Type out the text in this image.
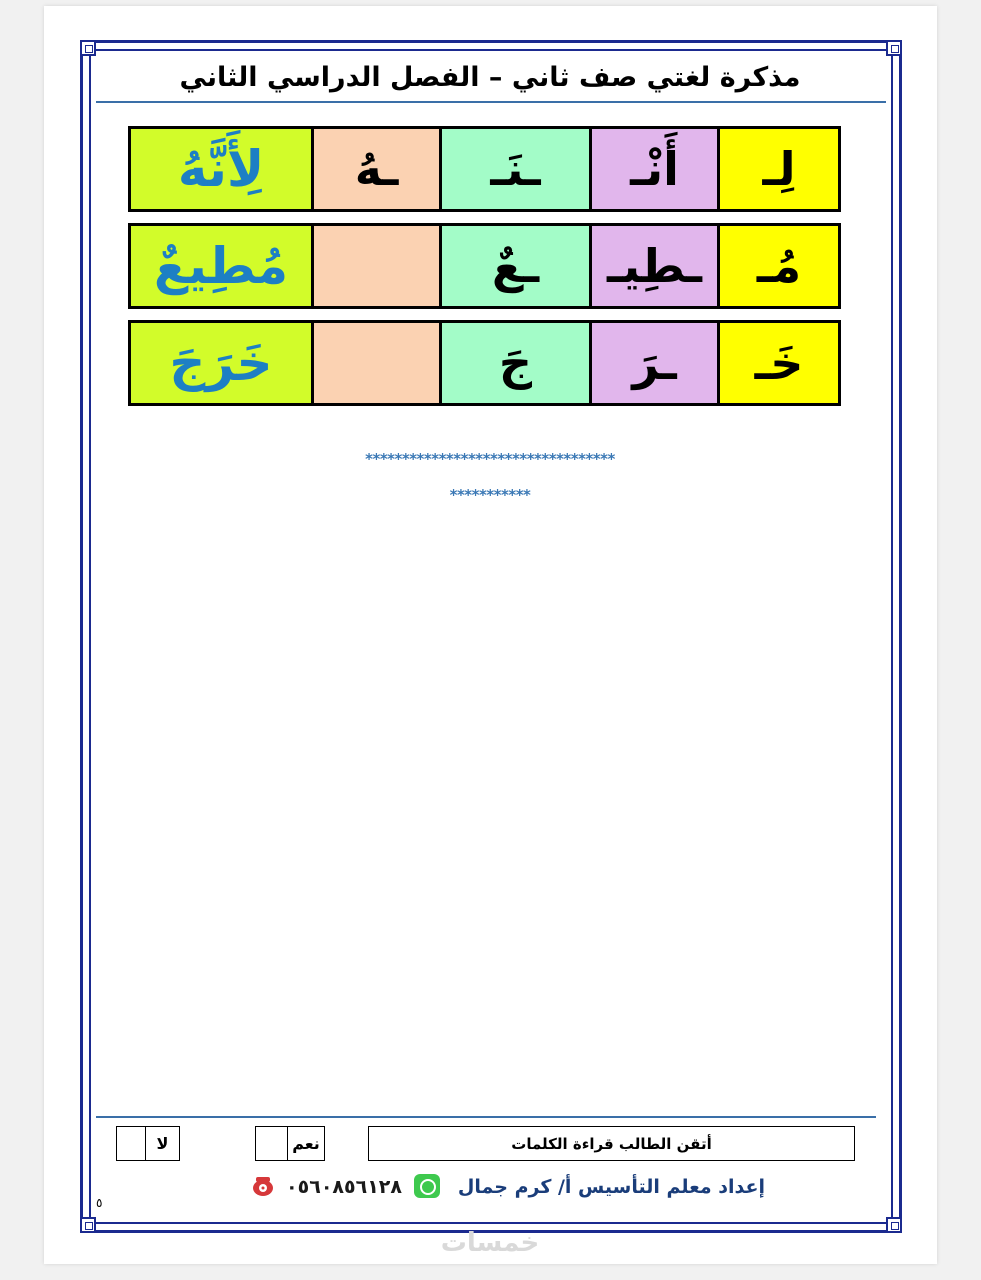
مذكرة لغتي صف ثاني – الفصل الدراسي الثاني
لِـ
أَنْـ
ـنَـ
ـهُ
لِأَنَّهُ
مُـ
ـطِيـ
ـعٌ
مُطِيعٌ
خَـ
ـرَ
جَ
خَرَجَ
**********************************
***********
أتقن الطالب قراءة الكلمات
نعم
لا
إعداد معلم التأسيس أ/ كرم جمال
٠٥٦٠٨٥٦١٢٨
٥
خمسات
